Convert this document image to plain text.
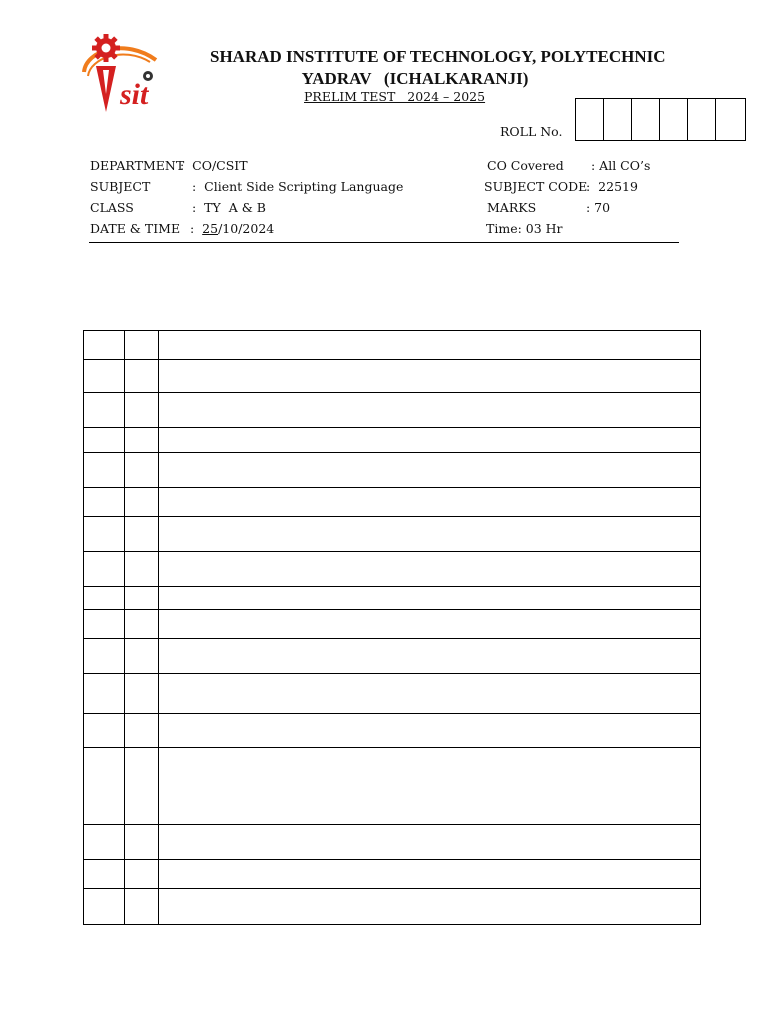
sit
SHARAD INSTITUTE OF TECHNOLOGY, POLYTECHNIC

YADRAV   (ICHALKARANJI)
PRELIM TEST   2024 – 2025
ROLL No.
DEPARTMENT
:  CO/CSIT
SUBJECT	:  Client Side Scripting Language
CLASS	:  TY  A & B
DATE & TIME :  25/10/2024
CO Covered : All CO’s
SUBJECT CODE
:  22519
MARKS	: 70
Time: 03 Hr
